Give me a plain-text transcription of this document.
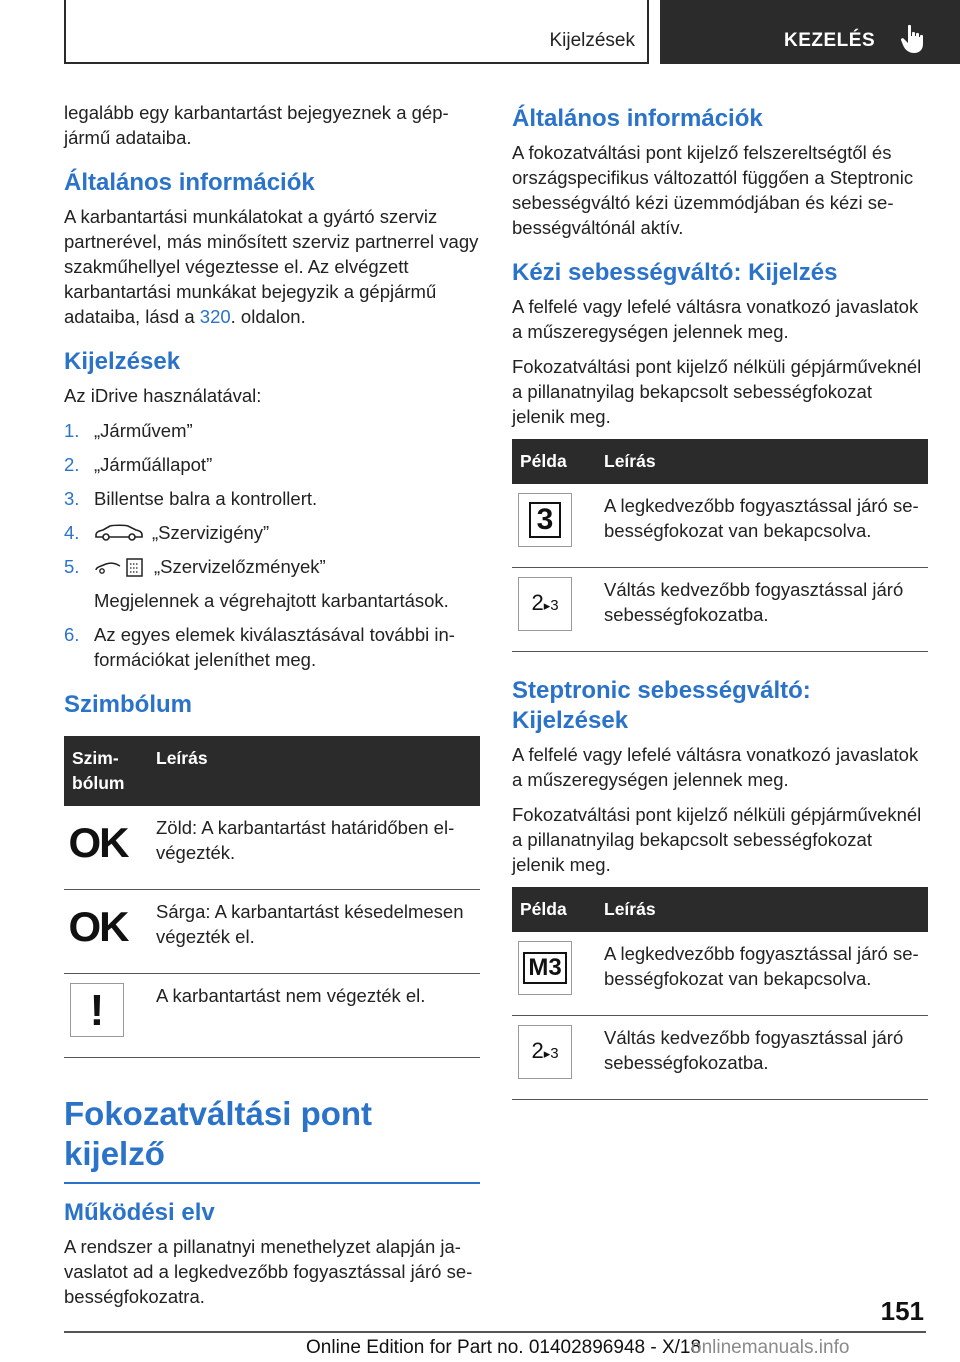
Kijelzések	KEZELÉS

legalább egy karbantartást bejegyeznek a gépjármű adataiba.

Általános információk

A karbantartási munkálatokat a gyártó szerviz partnerével, más minősített szerviz partnerrel vagy szakműhellyel végeztesse el. Az elvégzett karbantartási munkákat bejegyzik a gépjármű adataiba, lásd a 320. oldalon.

Kijelzések

Az iDrive használatával:

1. „Járművem”
2. „Járműállapot”
3. Billentse balra a kontrollert.
4.	„Szervizigény”
5.	„Szervizelőzmények”
Megjelennek a végrehajtott karbantartások.
6. Az egyes elemek kiválasztásával további információkat jeleníthet meg.
Szimbólum
Szimbólum	Leírás

OK	Zöld: A karbantartást határidőben elvégezték.

OK	Sárga: A karbantartást késedelmesen végezték el.

!	A karbantartást nem végezték el.
Fokozatváltási pont kijelző
Működési elv

A rendszer a pillanatnyi menethelyzet alapján javaslatot ad a legkedvezőbb fogyasztással járó sebességfokozatra.

Általános információk

A fokozatváltási pont kijelző felszereltségtől és országspecifikus változattól függően a Steptronic sebességváltó kézi üzemmódjában és kézi sebességváltónál aktív.

Kézi sebességváltó: Kijelzés

A felfelé vagy lefelé váltásra vonatkozó javaslatok a műszeregységen jelennek meg.

Fokozatváltási pont kijelző nélküli gépjárműveknél a pillanatnyilag bekapcsolt sebességfokozat jelenik meg.

Példa	Leírás

3	A legkedvezőbb fogyasztással járó sebességfokozat van bekapcsolva.

2▸3	Váltás kedvezőbb fogyasztással járó sebességfokozatba.
Steptronic sebességváltó: Kijelzések

A felfelé vagy lefelé váltásra vonatkozó javaslatok a műszeregységen jelennek meg.

Fokozatváltási pont kijelző nélküli gépjárműveknél a pillanatnyilag bekapcsolt sebességfokozat jelenik meg.

Példa	Leírás

M3	A legkedvezőbb fogyasztással járó sebességfokozat van bekapcsolva.

2▸3	Váltás kedvezőbb fogyasztással járó sebességfokozatba.
151
Online Edition for Part no. 01402896948 - X/18
onlinemanuals.info
